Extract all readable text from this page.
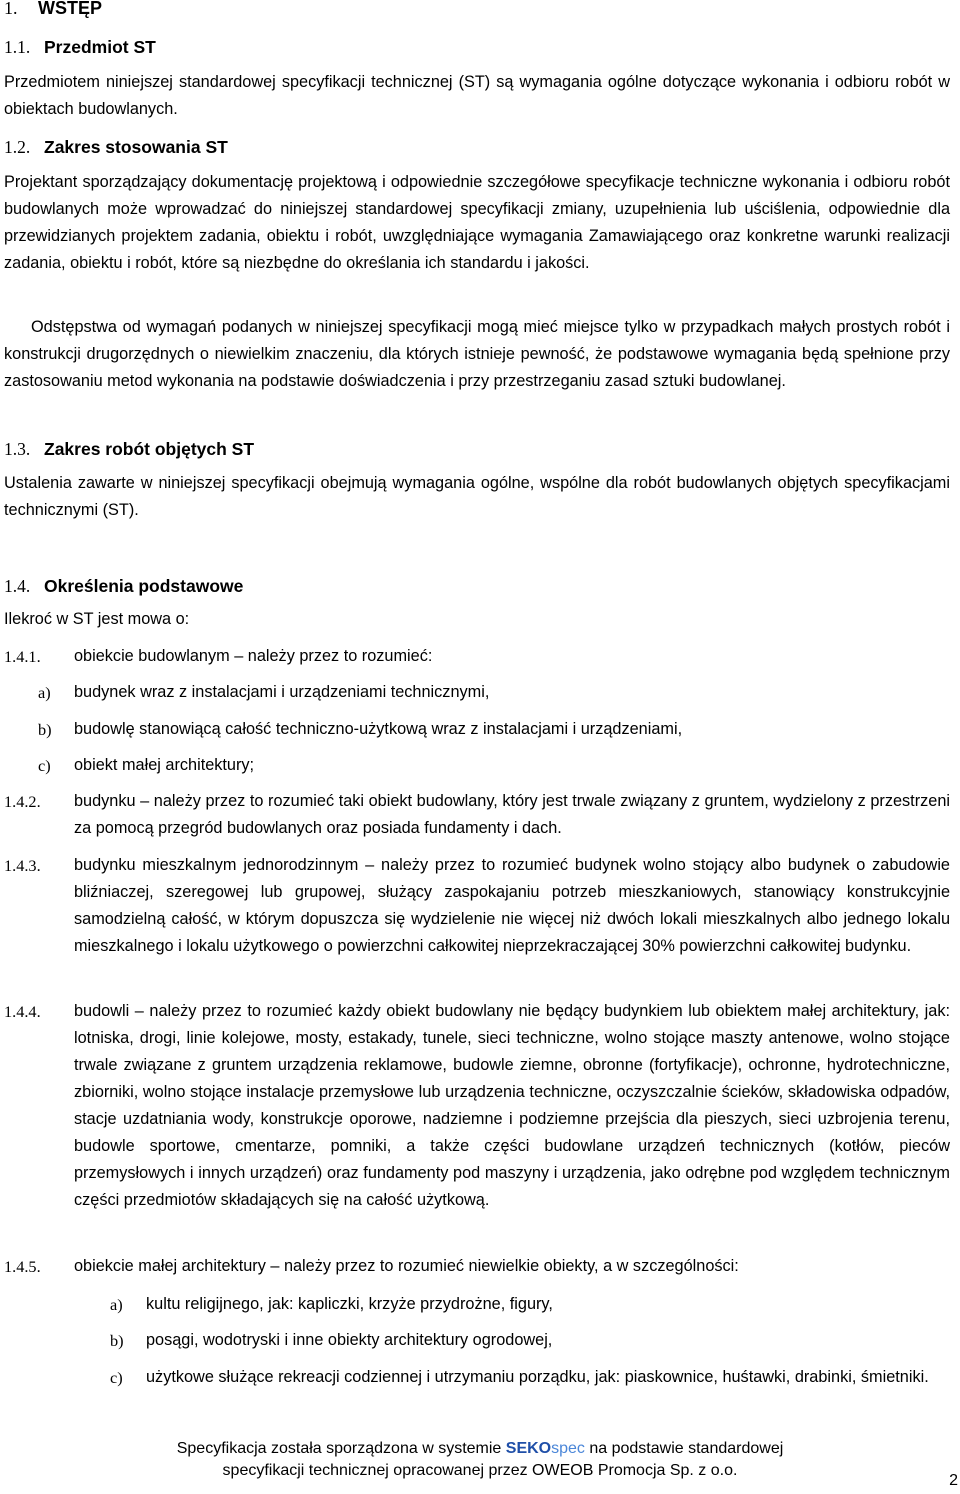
1. WSTĘP
1.1. Przedmiot ST
Przedmiotem niniejszej standardowej specyfikacji technicznej (ST) są wymagania ogólne dotyczące wykonania i odbioru robót w obiektach budowlanych.
1.2. Zakres stosowania ST
Projektant sporządzający dokumentację projektową i odpowiednie szczegółowe specyfikacje techniczne wykonania i odbioru robót budowlanych może wprowadzać do niniejszej standardowej specyfikacji zmiany, uzupełnienia lub uściślenia, odpowiednie dla przewidzianych projektem zadania, obiektu i robót, uwzględniające wymagania Zamawiającego oraz konkretne warunki realizacji zadania, obiektu i robót, które są niezbędne do określania ich standardu i jakości.
Odstępstwa od wymagań podanych w niniejszej specyfikacji mogą mieć miejsce tylko w przypadkach małych prostych robót i konstrukcji drugorzędnych o niewielkim znaczeniu, dla których istnieje pewność, że podstawowe wymagania będą spełnione przy zastosowaniu metod wykonania na podstawie doświadczenia i przy przestrzeganiu zasad sztuki budowlanej.
1.3. Zakres robót objętych ST
Ustalenia zawarte w niniejszej specyfikacji obejmują wymagania ogólne, wspólne dla robót budowlanych objętych specyfikacjami technicznymi (ST).
1.4. Określenia podstawowe
Ilekroć w ST jest mowa o:
1.4.1. obiekcie budowlanym – należy przez to rozumieć:
a) budynek wraz z instalacjami i urządzeniami technicznymi,
b) budowlę stanowiącą całość techniczno-użytkową wraz z instalacjami i urządzeniami,
c) obiekt małej architektury;
1.4.2. budynku – należy przez to rozumieć taki obiekt budowlany, który jest trwale związany z gruntem, wydzielony z przestrzeni za pomocą przegród budowlanych oraz posiada fundamenty i dach.
1.4.3. budynku mieszkalnym jednorodzinnym – należy przez to rozumieć budynek wolno stojący albo budynek o zabudowie bliźniaczej, szeregowej lub grupowej, służący zaspokajaniu potrzeb mieszkaniowych, stanowiący konstrukcyjnie samodzielną całość, w którym dopuszcza się wydzielenie nie więcej niż dwóch lokali mieszkalnych albo jednego lokalu mieszkalnego i lokalu użytkowego o powierzchni całkowitej nieprzekraczającej 30% powierzchni całkowitej budynku.
1.4.4. budowli – należy przez to rozumieć każdy obiekt budowlany nie będący budynkiem lub obiektem małej architektury, jak: lotniska, drogi, linie kolejowe, mosty, estakady, tunele, sieci techniczne, wolno stojące maszty antenowe, wolno stojące trwale związane z gruntem urządzenia reklamowe, budowle ziemne, obronne (fortyfikacje), ochronne, hydrotechniczne, zbiorniki, wolno stojące instalacje przemysłowe lub urządzenia techniczne, oczyszczalnie ścieków, składowiska odpadów, stacje uzdatniania wody, konstrukcje oporowe, nadziemne i podziemne przejścia dla pieszych, sieci uzbrojenia terenu, budowle sportowe, cmentarze, pomniki, a także części budowlane urządzeń technicznych (kotłów, pieców przemysłowych i innych urządzeń) oraz fundamenty pod maszyny i urządzenia, jako odrębne pod względem technicznym części przedmiotów składających się na całość użytkową.
1.4.5. obiekcie małej architektury – należy przez to rozumieć niewielkie obiekty, a w szczególności:
a) kultu religijnego, jak: kapliczki, krzyże przydrożne, figury,
b) posągi, wodotryski i inne obiekty architektury ogrodowej,
c) użytkowe służące rekreacji codziennej i utrzymaniu porządku, jak: piaskownice, huśtawki, drabinki, śmietniki.
Specyfikacja została sporządzona w systemie SEKOspec na podstawie standardowej
specyfikacji technicznej opracowanej przez OWEOB Promocja Sp. z o.o.
2
